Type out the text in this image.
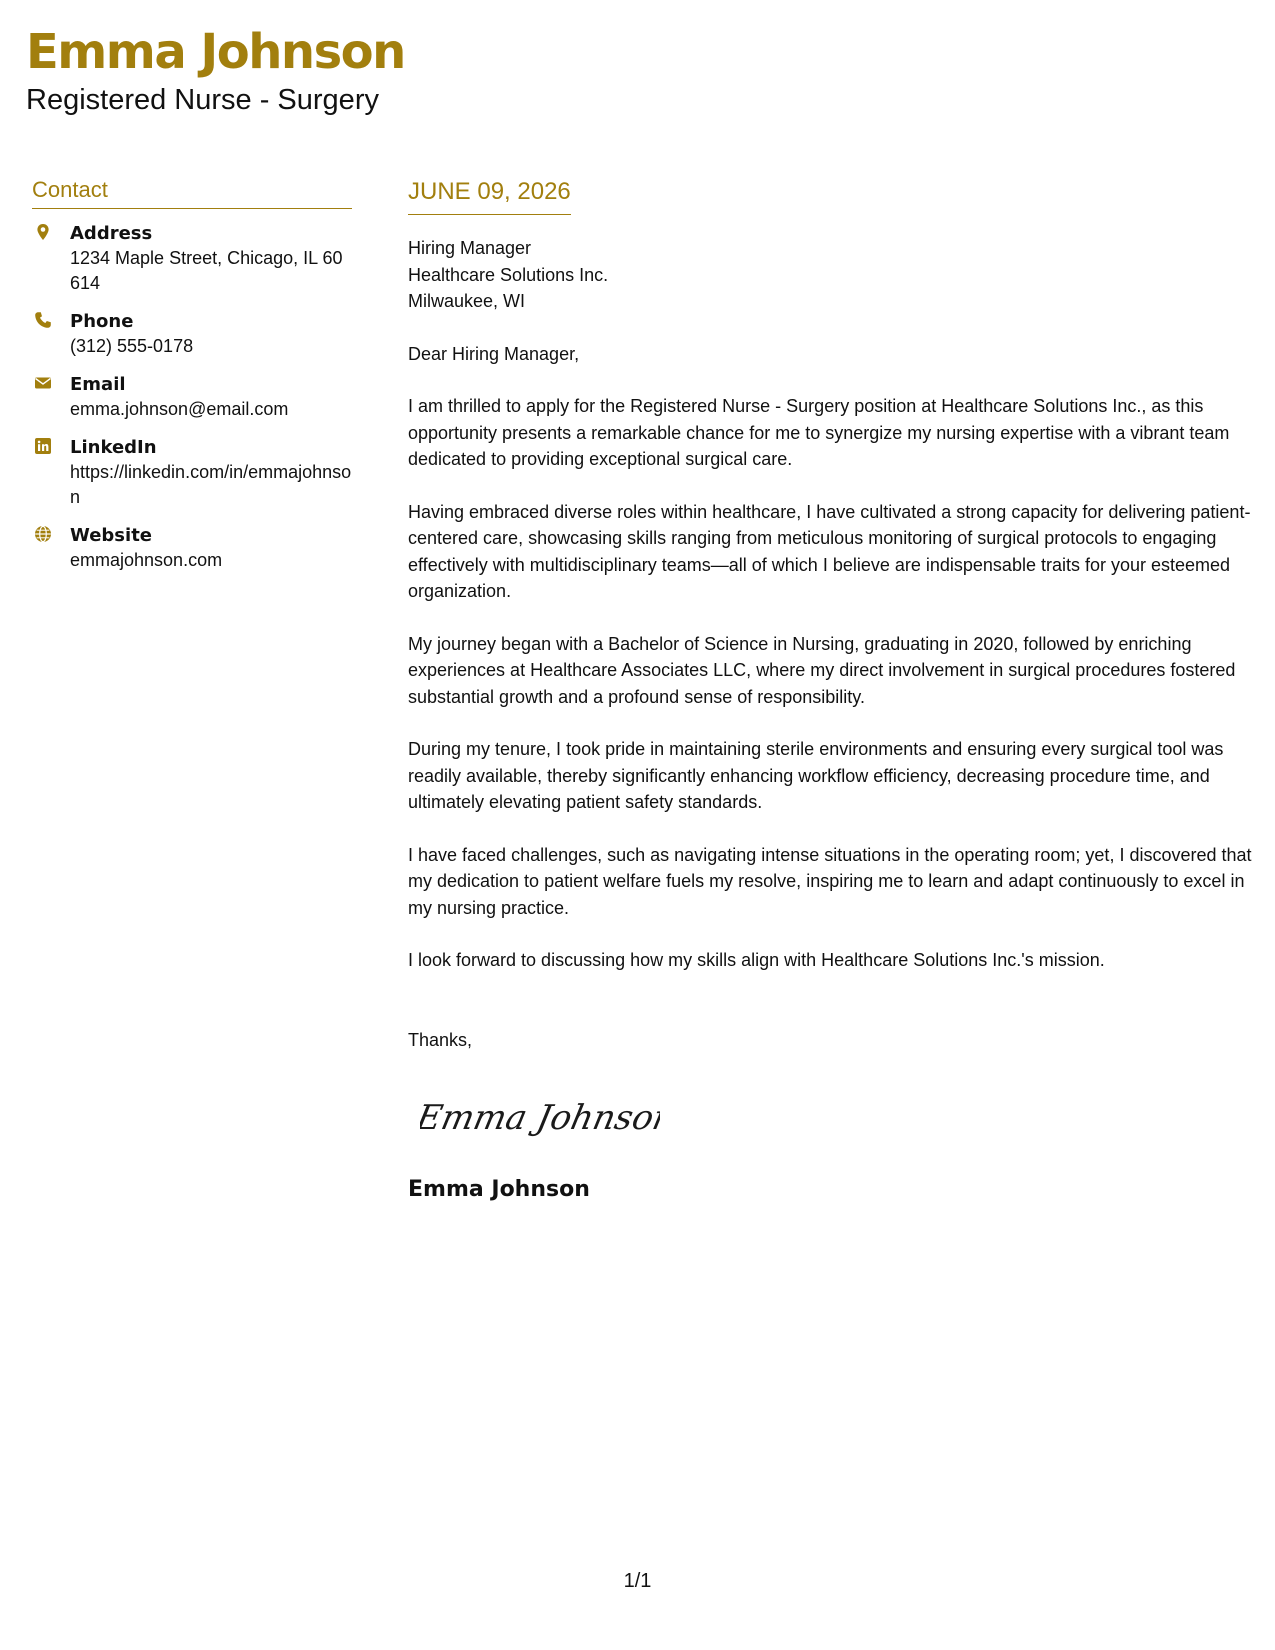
Emma Johnson
Registered Nurse - Surgery
Contact
Address
1234 Maple Street, Chicago, IL 60614
Phone
(312) 555-0178
Email
emma.johnson@email.com
LinkedIn
https://linkedin.com/in/emmajohnson
Website
emmajohnson.com
JUNE 09, 2026
Hiring Manager
Healthcare Solutions Inc.
Milwaukee, WI
Dear Hiring Manager,
I am thrilled to apply for the Registered Nurse - Surgery position at Healthcare Solutions Inc., as this opportunity presents a remarkable chance for me to synergize my nursing expertise with a vibrant team dedicated to providing exceptional surgical care.
Having embraced diverse roles within healthcare, I have cultivated a strong capacity for delivering patient-centered care, showcasing skills ranging from meticulous monitoring of surgical protocols to engaging effectively with multidisciplinary teams—all of which I believe are indispensable traits for your esteemed organization.
My journey began with a Bachelor of Science in Nursing, graduating in 2020, followed by enriching experiences at Healthcare Associates LLC, where my direct involvement in surgical procedures fostered substantial growth and a profound sense of responsibility.
During my tenure, I took pride in maintaining sterile environments and ensuring every surgical tool was readily available, thereby significantly enhancing workflow efficiency, decreasing procedure time, and ultimately elevating patient safety standards.
I have faced challenges, such as navigating intense situations in the operating room; yet, I discovered that my dedication to patient welfare fuels my resolve, inspiring me to learn and adapt continuously to excel in my nursing practice.
I look forward to discussing how my skills align with Healthcare Solutions Inc.'s mission.
Thanks,
Emma Johnson
Emma Johnson
1/1
